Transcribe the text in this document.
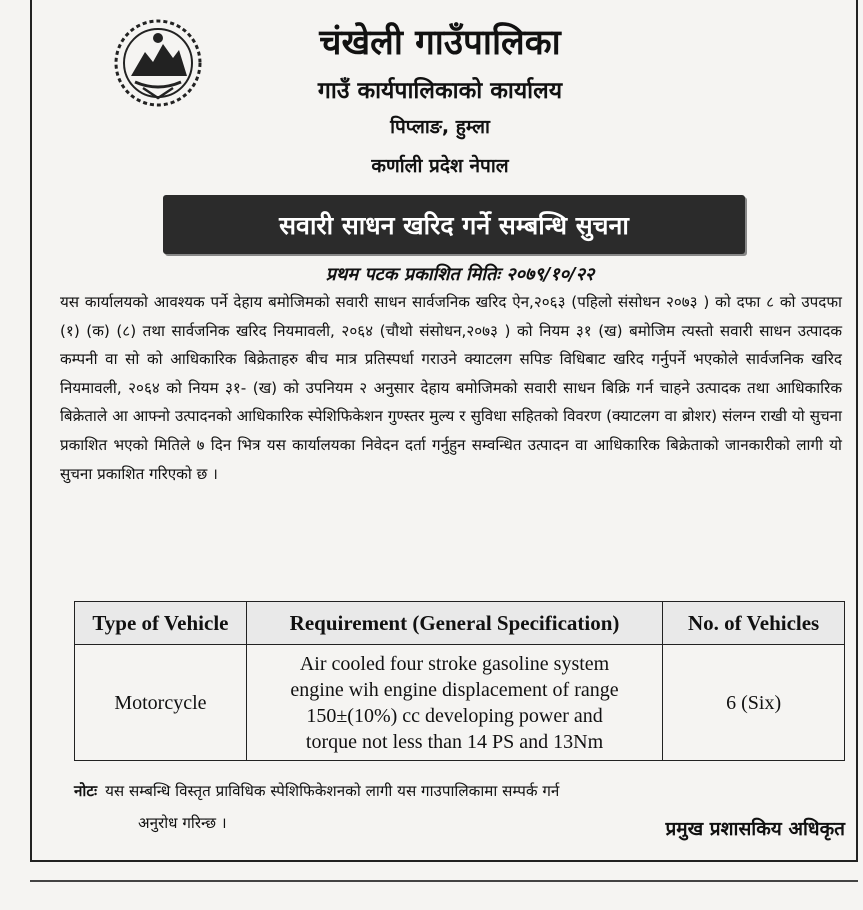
चंखेली गाउँपालिका
गाउँ कार्यपालिकाको कार्यालय
पिप्लाङ, हुम्ला
कर्णाली प्रदेश नेपाल
सवारी साधन खरिद गर्ने सम्बन्धि सुचना
प्रथम पटक प्रकाशित मितिः २०७९/१०/२२
यस कार्यालयको आवश्यक पर्ने देहाय बमोजिमको सवारी साधन सार्वजनिक खरिद ऐन,२०६३ (पहिलो संसोधन २०७३ ) को दफा ८ को उपदफा (१) (क) (८) तथा सार्वजनिक खरिद नियमावली, २०६४ (चौथो संसोधन,२०७३ ) को नियम ३१ (ख) बमोजिम त्यस्तो सवारी साधन उत्पादक कम्पनी वा सो को आधिकारिक बिक्रेताहरु बीच मात्र प्रतिस्पर्धा गराउने क्याटलग सपिङ विधिबाट खरिद गर्नुपर्ने भएकोले सार्वजनिक खरिद नियमावली, २०६४ को नियम ३१- (ख) को उपनियम २ अनुसार देहाय बमोजिमको सवारी साधन बिक्रि गर्न चाहने उत्पादक तथा आधिकारिक बिक्रेताले आ आफ्नो उत्पादनको आधिकारिक स्पेशिफिकेशन गुण्स्तर मुल्य र सुविधा सहितको विवरण (क्याटलग वा ब्रोशर) संलग्न राखी यो सुचना प्रकाशित भएको मितिले ७ दिन भित्र यस कार्यालयका निवेदन दर्ता गर्नुहुन सम्वन्धित उत्पादन वा आधिकारिक बिक्रेताको जानकारीको लागी यो सुचना प्रकाशित गरिएको छ ।
Type of Vehicle	Requirement (General Specification)	No. of Vehicles
Motorcycle	Air cooled four stroke gasoline system
engine wih engine displacement of range
150±(10%) cc developing power and
torque not less than 14 PS and 13Nm	6 (Six)
नोटः यस सम्बन्धि विस्तृत प्राविधिक स्पेशिफिकेशनको लागी यस गाउपालिकामा सम्पर्क गर्न
अनुरोध गरिन्छ ।	प्रमुख प्रशासकिय अधिकृत
